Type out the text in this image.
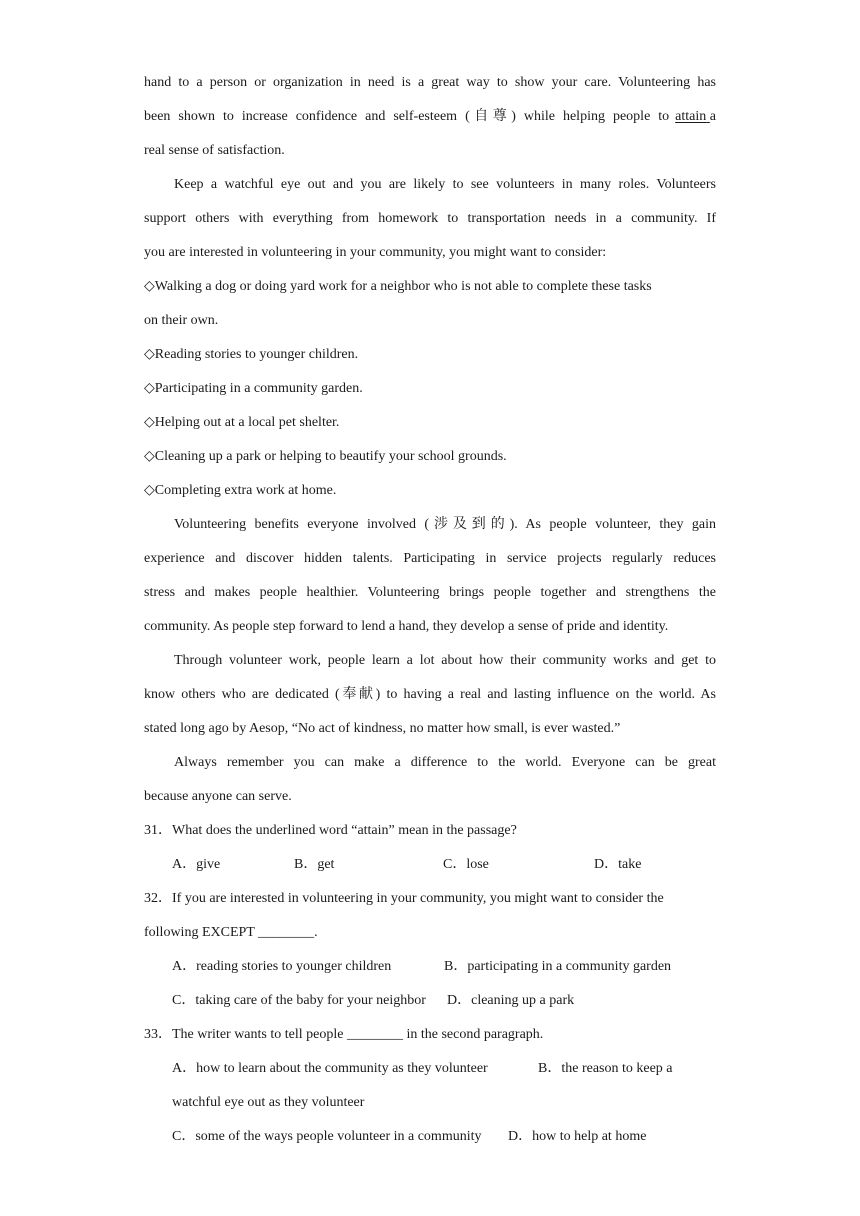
hand to a person or organization in need is a great way to show your care. Volunteering has
been shown to increase confidence and self-esteem (自尊) while helping people to attain
a
real sense of satisfaction.
Keep a watchful eye out and you are likely to see volunteers in many roles. Volunteers
support others with everything from homework to transportation needs in a community. If
you are interested in volunteering in your community, you might want to consider:
◇Walking a dog or doing yard work for a neighbor who is not able to complete these tasks
on their own.
◇Reading stories to younger children.
◇Participating in a community garden.
◇Helping out at a local pet shelter.
◇Cleaning up a park or helping to beautify your school grounds.
◇Completing extra work at home.
Volunteering benefits everyone involved (涉及到的). As people volunteer, they gain
experience and discover hidden talents. Participating in service projects regularly reduces
stress and makes people healthier. Volunteering brings people together and strengthens the
community. As people step forward to lend a hand, they develop a sense of pride and identity.
Through volunteer work, people learn a lot about how their community works and get to
know others who are dedicated (奉献) to having a real and lasting influence on the world. As
stated long ago by Aesop, “No act of kindness, no matter how small, is ever wasted.”
Always remember you can make a difference to the world. Everyone can be great
because anyone can serve.
31．What does the underlined word “attain” mean in the passage?
A．give	B．get	C．lose	D．take
32．If you are interested in volunteering in your community, you might want to consider the
following EXCEPT ________.
A．reading stories to younger children	B．participating in a community garden
C．taking care of the baby for your neighbor D．cleaning up a park
33．The writer wants to tell people ________ in the second paragraph.
A．how to learn about the community as they volunteer	B．the reason to keep a
watchful eye out as they volunteer
C．some of the ways people volunteer in a community D．how to help at home
